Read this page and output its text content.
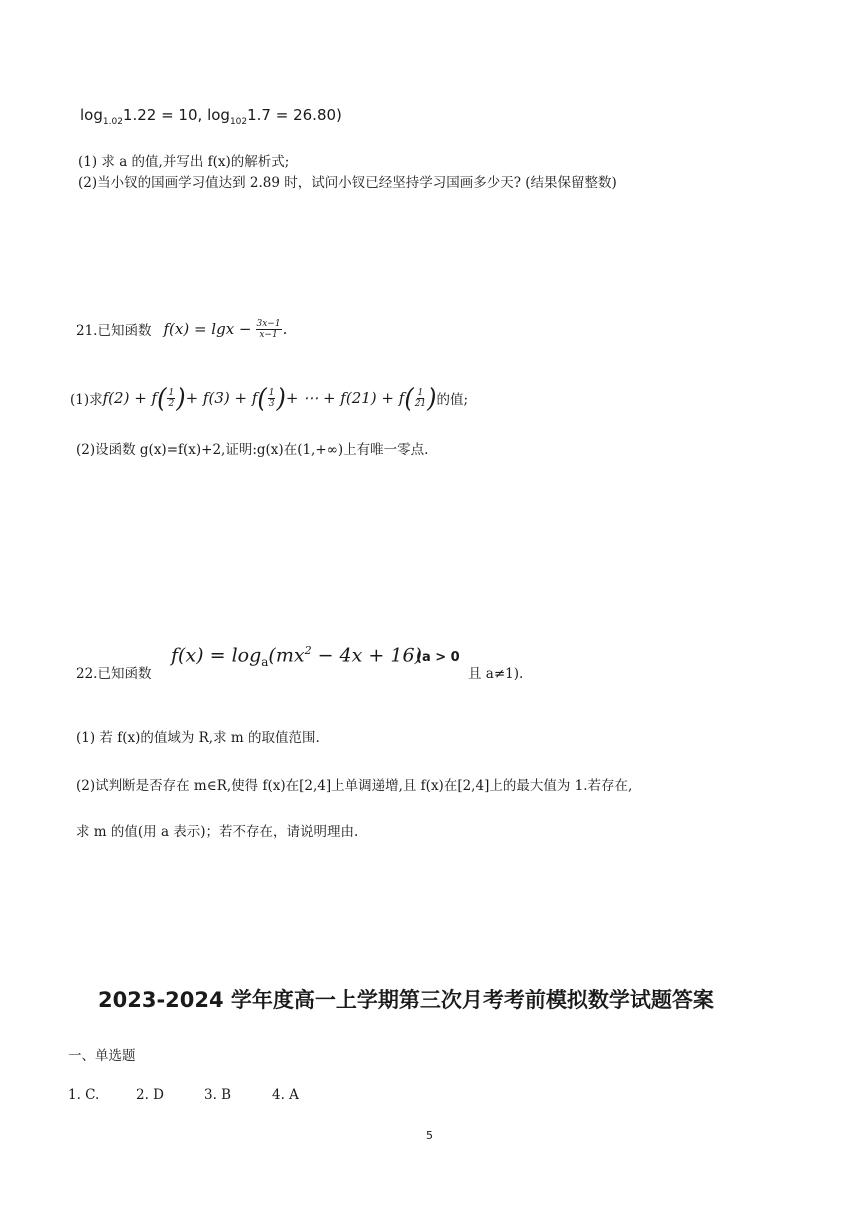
$\log_{1.02}1.22 = 10$, $\log_{102}1.7 = 26.80$)
(1) 求 a 的值,并写出 f(x)的解析式;
(2)当小钗的国画学习值达到 2.89 时，试问小钗已经坚持学习国画多少天? (结果保留整数)
21.已知函数 $f(x) = \lg x - \frac{3x-1}{x-1}$ .
(1)求 f(2) + f ( $\frac{1}{2}$ ) + f(3) + f ( $\frac{1}{3}$ ) + ⋯ + f(21) + f ( $\frac{1}{21}$ ) 的值;
(2)设函数 g(x)=f(x)+2,证明:g(x)在(1,+∞)上有唯一零点.
22.已知函数
$f(x) = \log_a(mx^2 - 4x + 16)$
(a > 0
且 a≠1).
(1) 若 f(x)的值域为 R,求 m 的取值范围.
(2)试判断是否存在 m∈R,使得 f(x)在[2,4]上单调递增,且 f(x)在[2,4]上的最大值为 1.若存在,
求 m 的值(用 a 表示)；若不存在，请说明理由.
2023-2024 学年度高一上学期第三次月考考前模拟数学试题答案
一、单选题
1. C.	2. D	3. B	4. A
5
